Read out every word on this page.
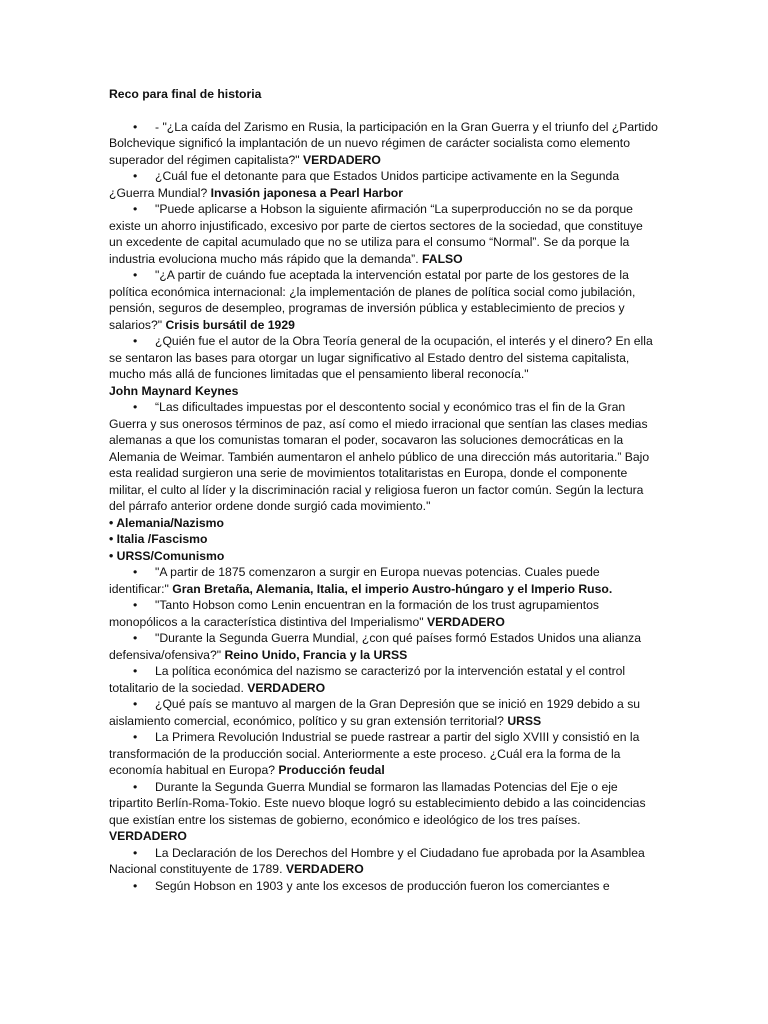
Reco para final de historia

• - "¿La caída del Zarismo en Rusia, la participación en la Gran Guerra y el triunfo del ¿Partido Bolchevique significó la implantación de un nuevo régimen de carácter socialista como elemento superador del régimen capitalista?" VERDADERO

• ¿Cuál fue el detonante para que Estados Unidos participe activamente en la Segunda ¿Guerra Mundial? Invasión japonesa a Pearl Harbor

• "Puede aplicarse a Hobson la siguiente afirmación “La superproducción no se da porque existe un ahorro injustificado, excesivo por parte de ciertos sectores de la sociedad, que constituye un excedente de capital acumulado que no se utiliza para el consumo “Normal”. Se da porque la industria evoluciona mucho más rápido que la demanda”. FALSO

• "¿A partir de cuándo fue aceptada la intervención estatal por parte de los gestores de la política económica internacional: ¿la implementación de planes de política social como jubilación, pensión, seguros de desempleo, programas de inversión pública y establecimiento de precios y salarios?" Crisis bursátil de 1929

• ¿Quién fue el autor de la Obra Teoría general de la ocupación, el interés y el dinero? En ella se sentaron las bases para otorgar un lugar significativo al Estado dentro del sistema capitalista, mucho más allá de funciones limitadas que el pensamiento liberal reconocía."
John Maynard Keynes

• “Las dificultades impuestas por el descontento social y económico tras el fin de la Gran Guerra y sus onerosos términos de paz, así como el miedo irracional que sentían las clases medias alemanas a que los comunistas tomaran el poder, socavaron las soluciones democráticas en la Alemania de Weimar. También aumentaron el anhelo público de una dirección más autoritaria.” Bajo esta realidad surgieron una serie de movimientos totalitaristas en Europa, donde el componente militar, el culto al líder y la discriminación racial y religiosa fueron un factor común. Según la lectura del párrafo anterior ordene donde surgió cada movimiento."

• Alemania/Nazismo

• Italia /Fascismo

• URSS/Comunismo

• "A partir de 1875 comenzaron a surgir en Europa nuevas potencias. Cuales puede identificar:" Gran Bretaña, Alemania, Italia, el imperio Austro-húngaro y el Imperio Ruso.

• "Tanto Hobson como Lenin encuentran en la formación de los trust agrupamientos monopólicos a la característica distintiva del Imperialismo" VERDADERO

• "Durante la Segunda Guerra Mundial, ¿con qué países formó Estados Unidos una alianza defensiva/ofensiva?" Reino Unido, Francia y la URSS

• La política económica del nazismo se caracterizó por la intervención estatal y el control totalitario de la sociedad. VERDADERO

• ¿Qué país se mantuvo al margen de la Gran Depresión que se inició en 1929 debido a su aislamiento comercial, económico, político y su gran extensión territorial? URSS

• La Primera Revolución Industrial se puede rastrear a partir del siglo XVIII y consistió en la transformación de la producción social. Anteriormente a este proceso. ¿Cuál era la forma de la economía habitual en Europa? Producción feudal

• Durante la Segunda Guerra Mundial se formaron las llamadas Potencias del Eje o eje tripartito Berlín-Roma-Tokio. Este nuevo bloque logró su establecimiento debido a las coincidencias que existían entre los sistemas de gobierno, económico e ideológico de los tres países. VERDADERO

• La Declaración de los Derechos del Hombre y el Ciudadano fue aprobada por la Asamblea Nacional constituyente de 1789. VERDADERO

• Según Hobson en 1903 y ante los excesos de producción fueron los comerciantes e
